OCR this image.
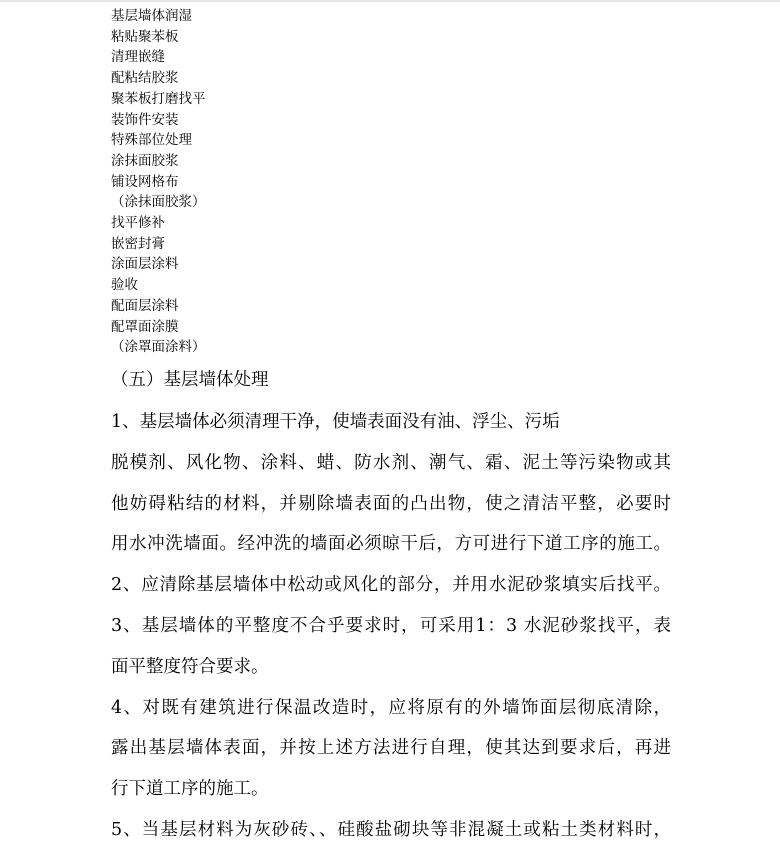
基层墙体润湿
粘贴聚苯板
清理嵌缝
配粘结胶浆
聚苯板打磨找平
装饰件安装
特殊部位处理
涂抹面胶浆
铺设网格布
（涂抹面胶浆）
找平修补
嵌密封膏
涂面层涂料
验收
配面层涂料
配罩面涂膜
（涂罩面涂料）
（五）基层墙体处理
1、基层墙体必须清理干净，使墙表面没有油、浮尘、污垢
脱模剂、风化物、涂料、蜡、防水剂、潮气、霜、泥土等污染物或其
他妨碍粘结的材料，并剔除墙表面的凸出物，使之清洁平整，必要时
用水冲洗墙面。经冲洗的墙面必须晾干后，方可进行下道工序的施工。
2、应清除基层墙体中松动或风化的部分，并用水泥砂浆填实后找平。
3、基层墙体的平整度不合乎要求时，可采用1：3 水泥砂浆找平，表
面平整度符合要求。
4、对既有建筑进行保温改造时，应将原有的外墙饰面层彻底清除，
露出基层墙体表面，并按上述方法进行自理，使其达到要求后，再进
行下道工序的施工。
5、当基层材料为灰砂砖、、硅酸盐砌块等非混凝土或粘土类材料时，
